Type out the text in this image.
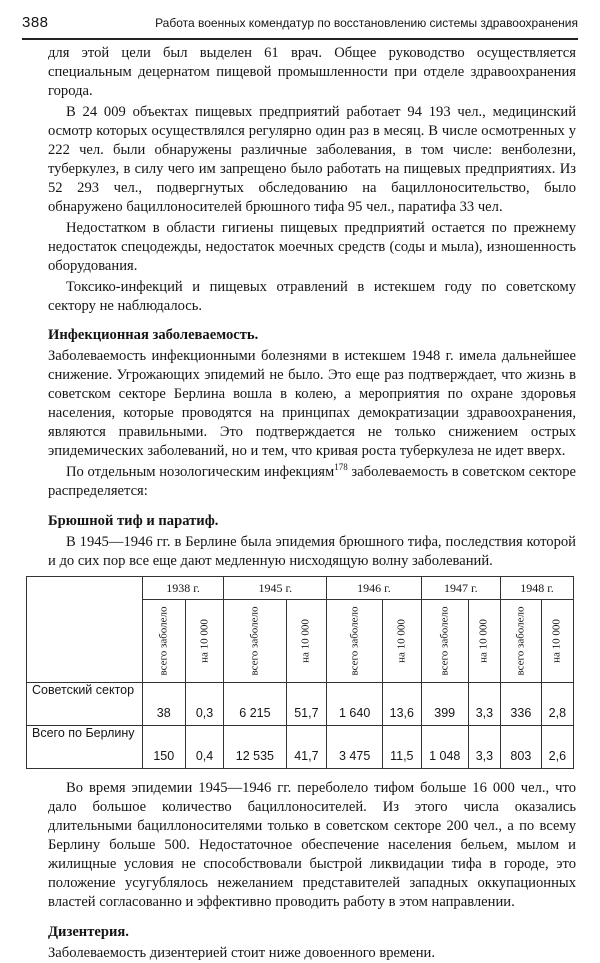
388	Работа военных комендатур по восстановлению системы здравоохранения

для этой цели был выделен 61 врач. Общее руководство осуществляется специальным децернатом пищевой промышленности при отделе здравоохранения города.

В 24 009 объектах пищевых предприятий работает 94 193 чел., медицинский осмотр которых осуществлялся регулярно один раз в месяц. В числе осмотренных у 222 чел. были обнаружены различные заболевания, в том числе: венболезни, туберкулез, в силу чего им запрещено было работать на пищевых предприятиях. Из 52 293 чел., подвергнутых обследованию на бациллоносительство, было обнаружено бациллоносителей брюшного тифа 95 чел., паратифа 33 чел.

Недостатком в области гигиены пищевых предприятий остается по прежнему недостаток спецодежды, недостаток моечных средств (соды и мыла), изношенность оборудования.

Токсико-инфекций и пищевых отравлений в истекшем году по советскому сектору не наблюдалось.

Инфекционная заболеваемость.

Заболеваемость инфекционными болезнями в истекшем 1948 г. имела дальнейшее снижение. Угрожающих эпидемий не было. Это еще раз подтверждает, что жизнь в советском секторе Берлина вошла в колею, а мероприятия по охране здоровья населения, которые проводятся на принципах демократизации здравоохранения, являются правильными. Это подтверждается не только снижением острых эпидемических заболеваний, но и тем, что кривая роста туберкулеза не идет вверх.

По отдельным нозологическим инфекциям$^{178}$ заболеваемость в советском секторе распределяется:

Брюшной тиф и паратиф.

В 1945—1946 гг. в Берлине была эпидемия брюшного тифа, последствия которой и до сих пор все еще дают медленную нисходящую волну заболеваний.

	1938 г.		1945 г.		1946 г.		1947 г.		1948 г.	

	всего заболело	на 10 000	всего заболело	на 10 000	всего заболело	на 10 000	всего заболело	на 10 000	всего заболело	на 10 000

Советский сектор	38	0,3	6 215	51,7	1 640	13,6	399	3,3	336	2,8
Всего по Берлину	150	0,4	12 535	41,7	3 475	11,5	1 048	3,3	803	2,6

Во время эпидемии 1945—1946 гг. переболело тифом больше 16 000 чел., что дало большое количество бациллоносителей. Из этого числа оказались длительными бациллоносителями только в советском секторе 200 чел., а по всему Берлину больше 500. Недостаточное обеспечение населения бельем, мылом и жилищные условия не способствовали быстрой ликвидации тифа в городе, это положение усугублялось нежеланием представителей западных оккупационных властей согласованно и эффективно проводить работу в этом направлении.

Дизентерия.

Заболеваемость дизентерией стоит ниже довоенного времени.
